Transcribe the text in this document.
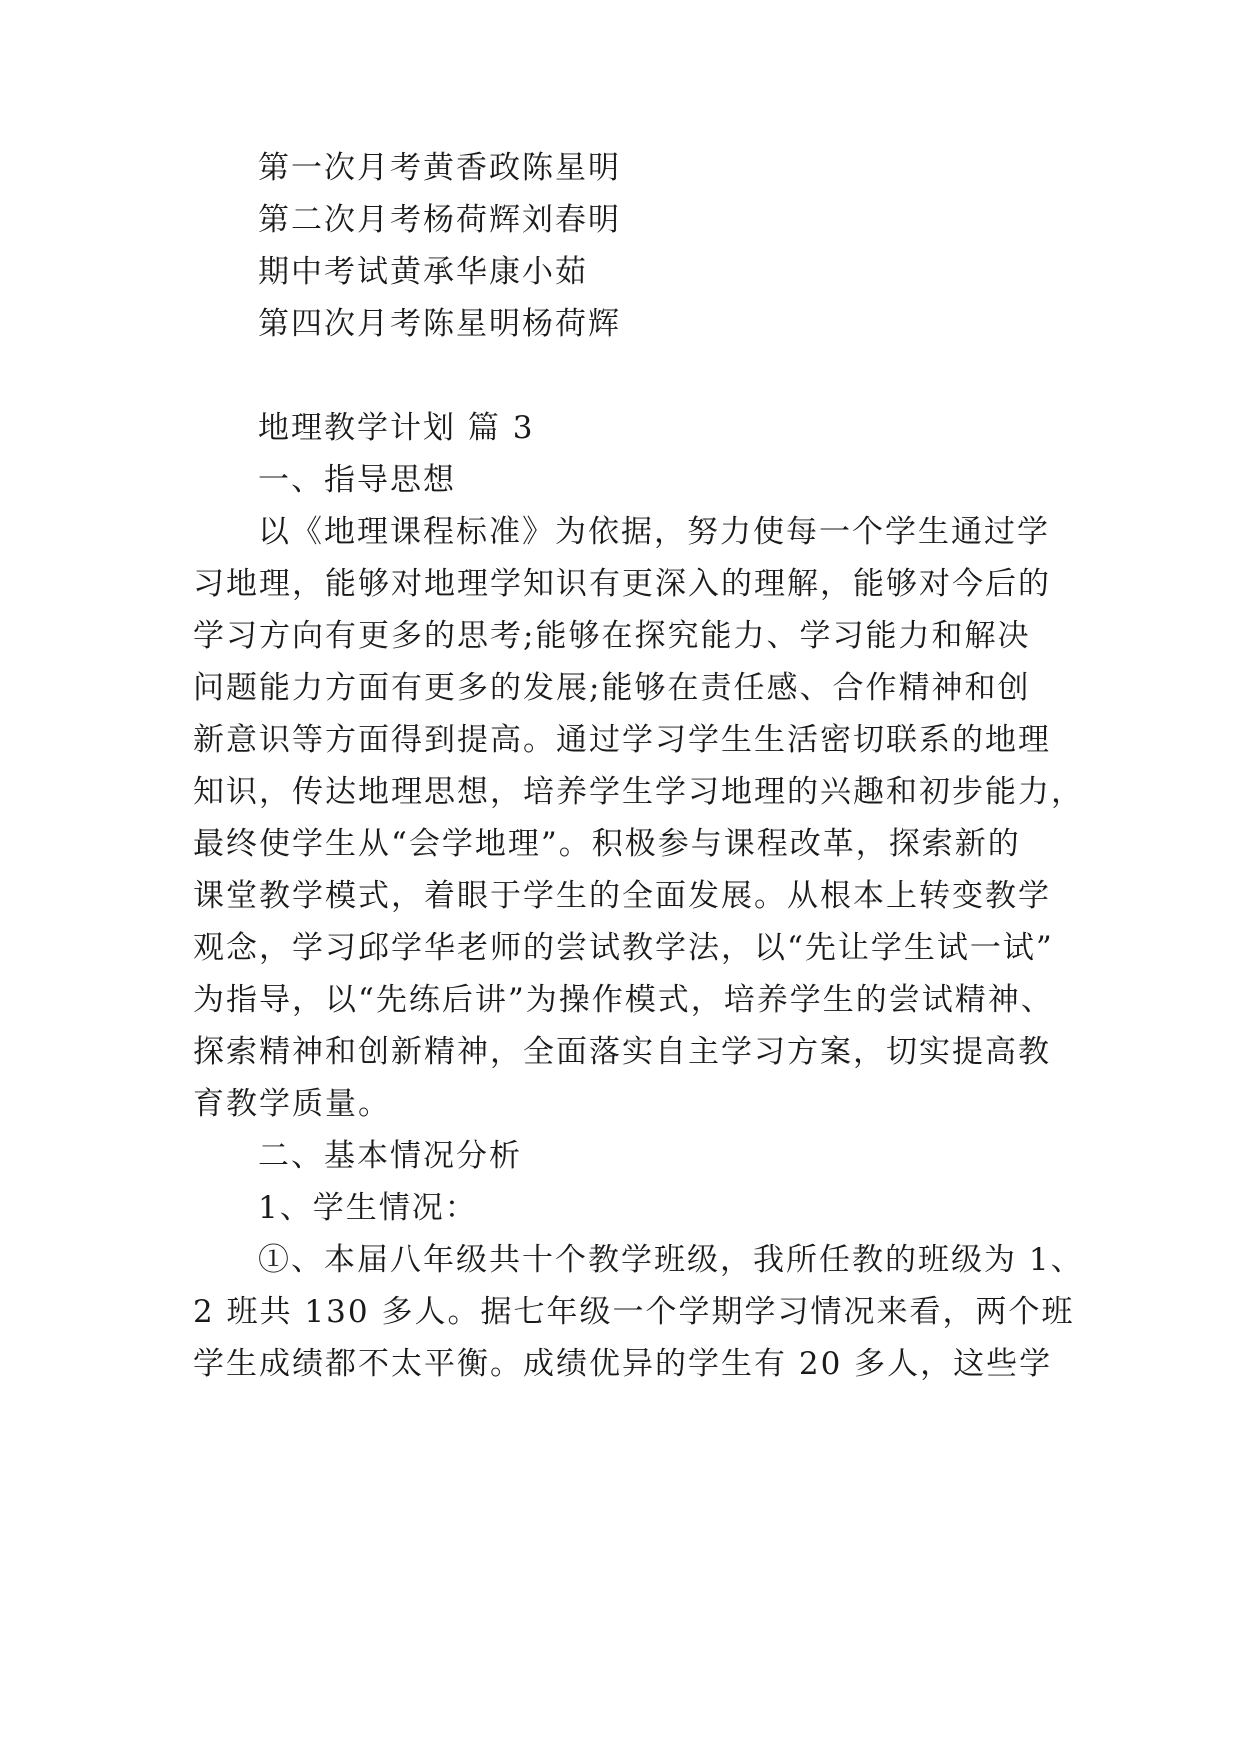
第一次月考黄香政陈星明
第二次月考杨荷辉刘春明
期中考试黄承华康小茹
第四次月考陈星明杨荷辉
地理教学计划 篇 3
一、指导思想
以《地理课程标准》为依据，努力使每一个学生通过学
习地理，能够对地理学知识有更深入的理解，能够对今后的
学习方向有更多的思考;能够在探究能力、学习能力和解决
问题能力方面有更多的发展;能够在责任感、合作精神和创
新意识等方面得到提高。通过学习学生生活密切联系的地理
知识，传达地理思想，培养学生学习地理的兴趣和初步能力，
最终使学生从“会学地理”。积极参与课程改革，探索新的
课堂教学模式，着眼于学生的全面发展。从根本上转变教学
观念，学习邱学华老师的尝试教学法，以“先让学生试一试”
为指导，以“先练后讲”为操作模式，培养学生的尝试精神、
探索精神和创新精神，全面落实自主学习方案，切实提高教
育教学质量。
二、基本情况分析
1、学生情况：
①、本届八年级共十个教学班级，我所任教的班级为 1、
2 班共 130 多人。据七年级一个学期学习情况来看，两个班
学生成绩都不太平衡。成绩优异的学生有 20 多人，这些学
